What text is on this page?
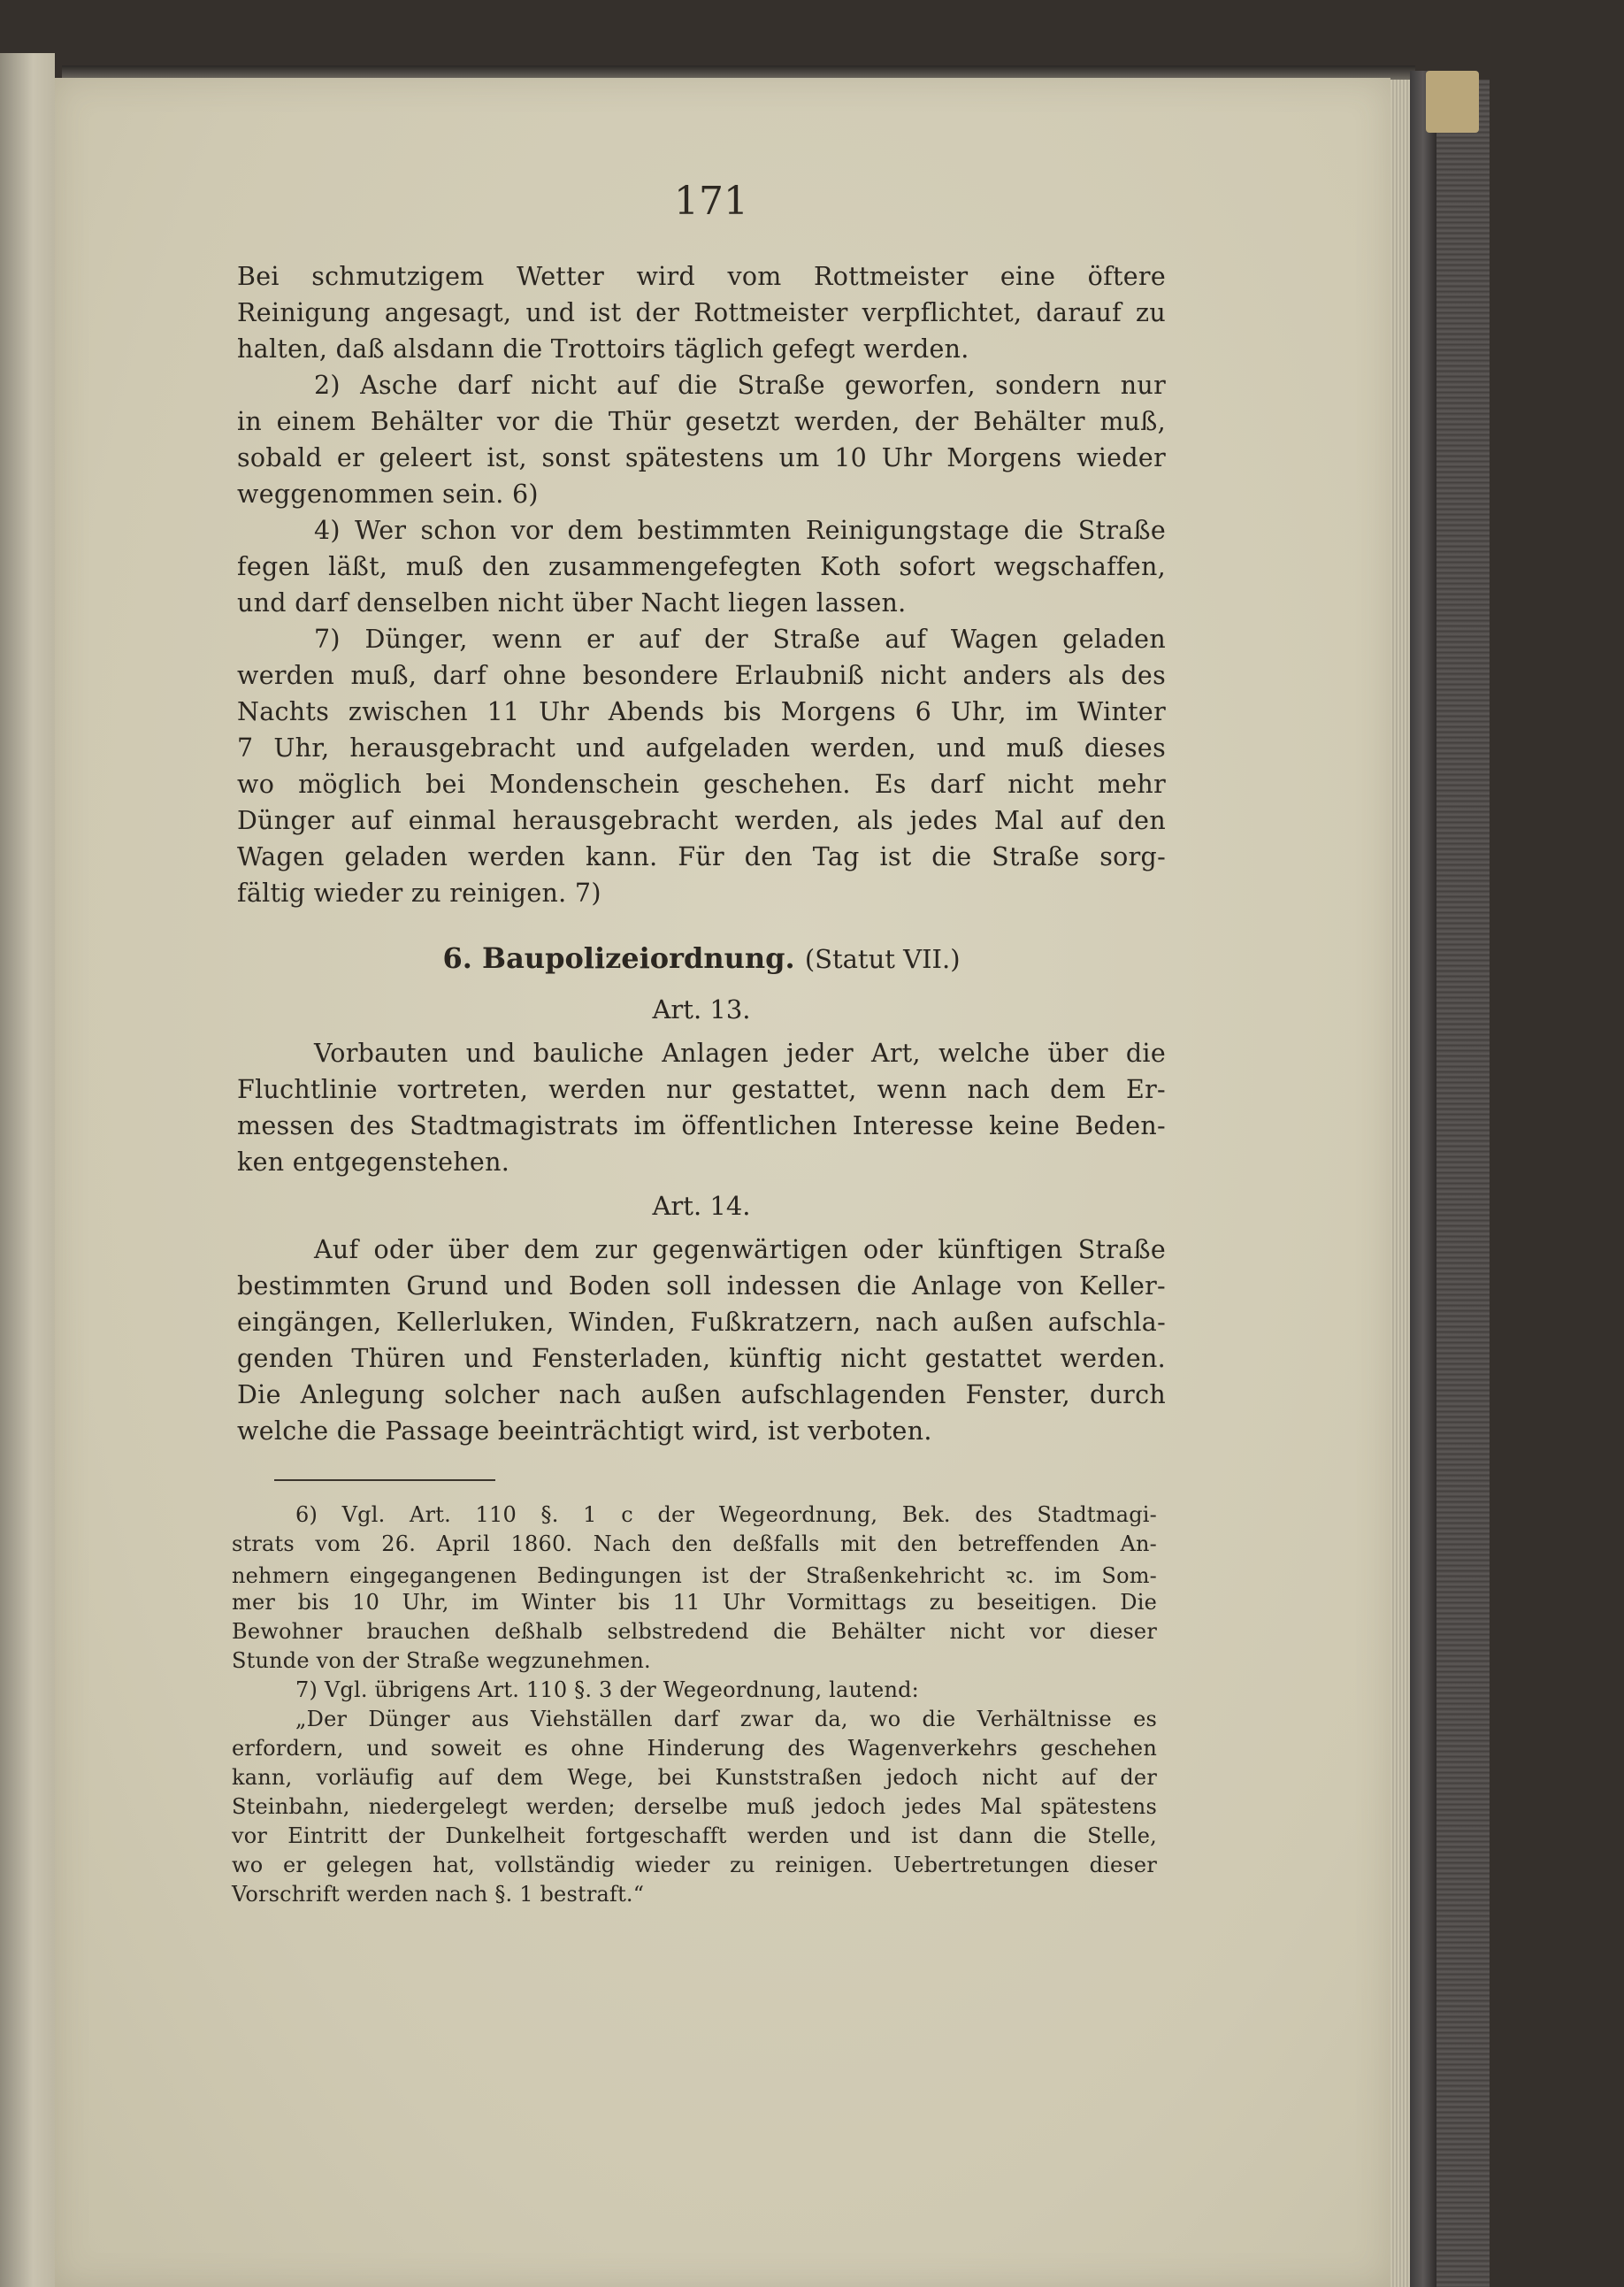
171
Bei schmutzigem Wetter wird vom Rottmeister eine öftere
Reinigung angesagt, und ist der Rottmeister verpflichtet, darauf zu
halten, daß alsdann die Trottoirs täglich gefegt werden.
2) Asche darf nicht auf die Straße geworfen, sondern nur
in einem Behälter vor die Thür gesetzt werden, der Behälter muß,
sobald er geleert ist, sonst spätestens um 10 Uhr Morgens wieder
weggenommen sein. 6)
4) Wer schon vor dem bestimmten Reinigungstage die Straße
fegen läßt, muß den zusammengefegten Koth sofort wegschaffen,
und darf denselben nicht über Nacht liegen lassen.
7) Dünger, wenn er auf der Straße auf Wagen geladen
werden muß, darf ohne besondere Erlaubniß nicht anders als des
Nachts zwischen 11 Uhr Abends bis Morgens 6 Uhr, im Winter
7 Uhr, herausgebracht und aufgeladen werden, und muß dieses
wo möglich bei Mondenschein geschehen. Es darf nicht mehr
Dünger auf einmal herausgebracht werden, als jedes Mal auf den
Wagen geladen werden kann. Für den Tag ist die Straße sorg-
fältig wieder zu reinigen. 7)
6. Baupolizeiordnung. (Statut VII.)
Art. 13.
Vorbauten und bauliche Anlagen jeder Art, welche über die
Fluchtlinie vortreten, werden nur gestattet, wenn nach dem Er-
messen des Stadtmagistrats im öffentlichen Interesse keine Beden-
ken entgegenstehen.
Art. 14.
Auf oder über dem zur gegenwärtigen oder künftigen Straße
bestimmten Grund und Boden soll indessen die Anlage von Keller-
eingängen, Kellerluken, Winden, Fußkratzern, nach außen aufschla-
genden Thüren und Fensterladen, künftig nicht gestattet werden.
Die Anlegung solcher nach außen aufschlagenden Fenster, durch
welche die Passage beeinträchtigt wird, ist verboten.
6) Vgl. Art. 110 §. 1 c der Wegeordnung, Bek. des Stadtmagi-
strats vom 26. April 1860. Nach den deßfalls mit den betreffenden An-
nehmern eingegangenen Bedingungen ist der Straßenkehricht ꝛc. im Som-
mer bis 10 Uhr, im Winter bis 11 Uhr Vormittags zu beseitigen. Die
Bewohner brauchen deßhalb selbstredend die Behälter nicht vor dieser
Stunde von der Straße wegzunehmen.
7) Vgl. übrigens Art. 110 §. 3 der Wegeordnung, lautend:
„Der Dünger aus Viehställen darf zwar da, wo die Verhältnisse es
erfordern, und soweit es ohne Hinderung des Wagenverkehrs geschehen
kann, vorläufig auf dem Wege, bei Kunststraßen jedoch nicht auf der
Steinbahn, niedergelegt werden; derselbe muß jedoch jedes Mal spätestens
vor Eintritt der Dunkelheit fortgeschafft werden und ist dann die Stelle,
wo er gelegen hat, vollständig wieder zu reinigen. Uebertretungen dieser
Vorschrift werden nach §. 1 bestraft.“
